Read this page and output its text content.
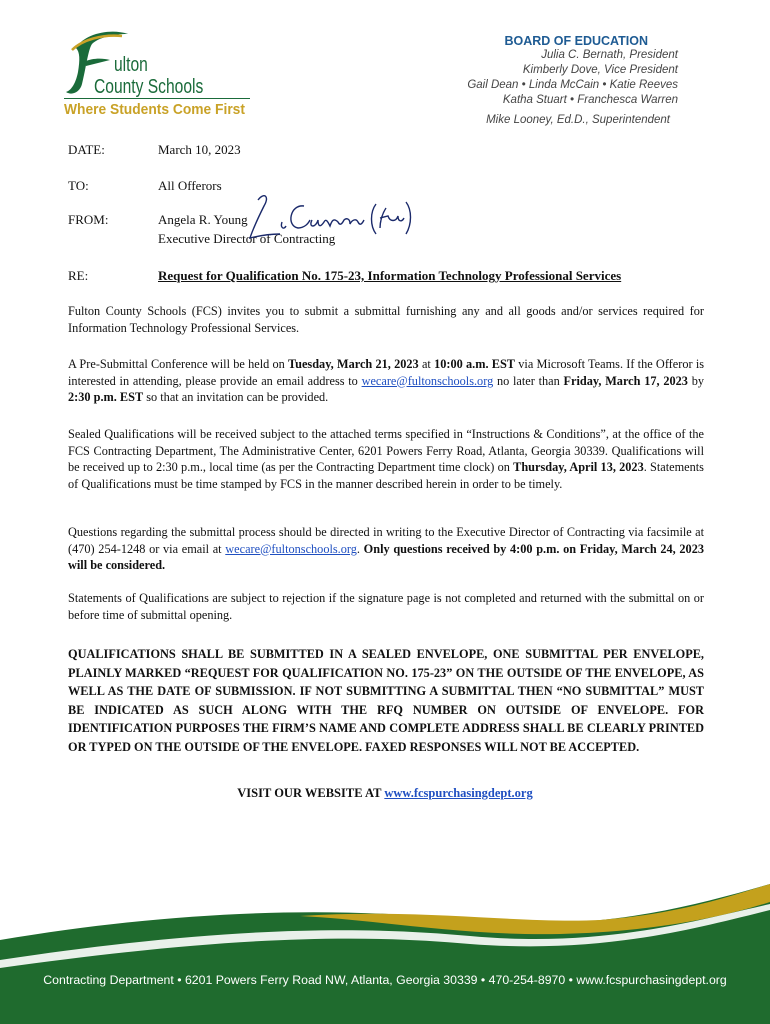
ulton
County Schools
Where Students Come First
BOARD OF EDUCATION
Julia C. Bernath, President
Kimberly Dove, Vice President
Gail Dean • Linda McCain • Katie Reeves
Katha Stuart • Franchesca Warren
Mike Looney, Ed.D., Superintendent
DATE:	March 10, 2023
TO:	All Offerors
FROM:	Angela R. Young
Executive Director of Contracting
RE:	Request for Qualification No. 175-23, Information Technology Professional Services
Fulton County Schools (FCS) invites you to submit a submittal furnishing any and all goods and/or services required for Information Technology Professional Services.
A Pre-Submittal Conference will be held on Tuesday, March 21, 2023 at 10:00 a.m. EST via Microsoft Teams. If the Offeror is interested in attending, please provide an email address to wecare@fultonschools.org no later than Friday, March 17, 2023 by 2:30 p.m. EST so that an invitation can be provided.
Sealed Qualifications will be received subject to the attached terms specified in “Instructions & Conditions”, at the office of the FCS Contracting Department, The Administrative Center, 6201 Powers Ferry Road, Atlanta, Georgia 30339. Qualifications will be received up to 2:30 p.m., local time (as per the Contracting Department time clock) on Thursday, April 13, 2023. Statements of Qualifications must be time stamped by FCS in the manner described herein in order to be timely.
Questions regarding the submittal process should be directed in writing to the Executive Director of Contracting via facsimile at (470) 254-1248 or via email at wecare@fultonschools.org. Only questions received by 4:00 p.m. on Friday, March 24, 2023 will be considered.
Statements of Qualifications are subject to rejection if the signature page is not completed and returned with the submittal on or before time of submittal opening.
QUALIFICATIONS SHALL BE SUBMITTED IN A SEALED ENVELOPE, ONE SUBMITTAL PER ENVELOPE, PLAINLY MARKED “REQUEST FOR QUALIFICATION NO. 175-23” ON THE OUTSIDE OF THE ENVELOPE, AS WELL AS THE DATE OF SUBMISSION. IF NOT SUBMITTING A SUBMITTAL THEN “NO SUBMITTAL” MUST BE INDICATED AS SUCH ALONG WITH THE RFQ NUMBER ON OUTSIDE OF ENVELOPE. FOR IDENTIFICATION PURPOSES THE FIRM’S NAME AND COMPLETE ADDRESS SHALL BE CLEARLY PRINTED OR TYPED ON THE OUTSIDE OF THE ENVELOPE. FAXED RESPONSES WILL NOT BE ACCEPTED.
VISIT OUR WEBSITE AT www.fcspurchasingdept.org
Contracting Department • 6201 Powers Ferry Road NW, Atlanta, Georgia 30339 • 470-254-8970 • www.fcspurchasingdept.org
